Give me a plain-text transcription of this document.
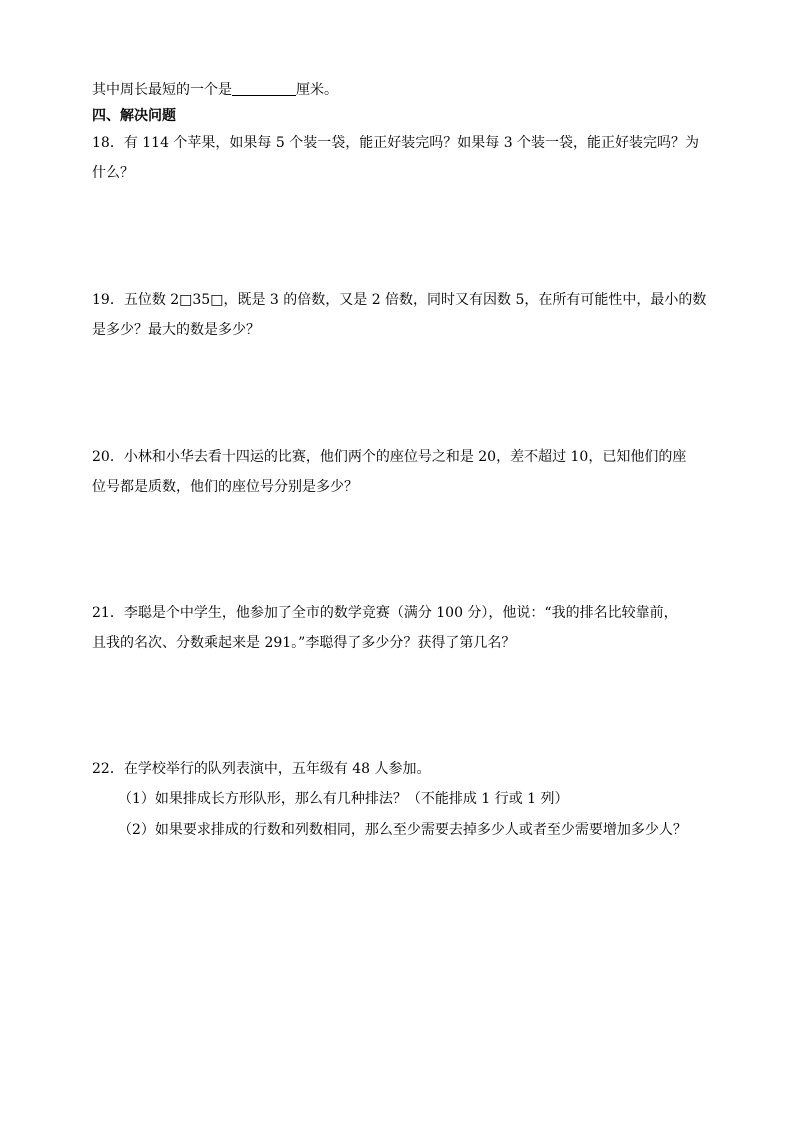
其中周长最短的一个是	厘米。
四、解决问题
18．有 114 个苹果，如果每 5 个装一袋，能正好装完吗？如果每 3 个装一袋，能正好装完吗？为
什么？
19．五位数 2□35□，既是 3 的倍数，又是 2 倍数，同时又有因数 5，在所有可能性中，最小的数
是多少？最大的数是多少？
20．小林和小华去看十四运的比赛，他们两个的座位号之和是 20，差不超过 10，已知他们的座
位号都是质数，他们的座位号分别是多少？
21．李聪是个中学生，他参加了全市的数学竞赛（满分 100 分），他说：“我的排名比较靠前，
且我的名次、分数乘起来是 291。”李聪得了多少分？获得了第几名？
22．在学校举行的队列表演中，五年级有 48 人参加。
（1）如果排成长方形队形，那么有几种排法？（不能排成 1 行或 1 列）
（2）如果要求排成的行数和列数相同，那么至少需要去掉多少人或者至少需要增加多少人？
